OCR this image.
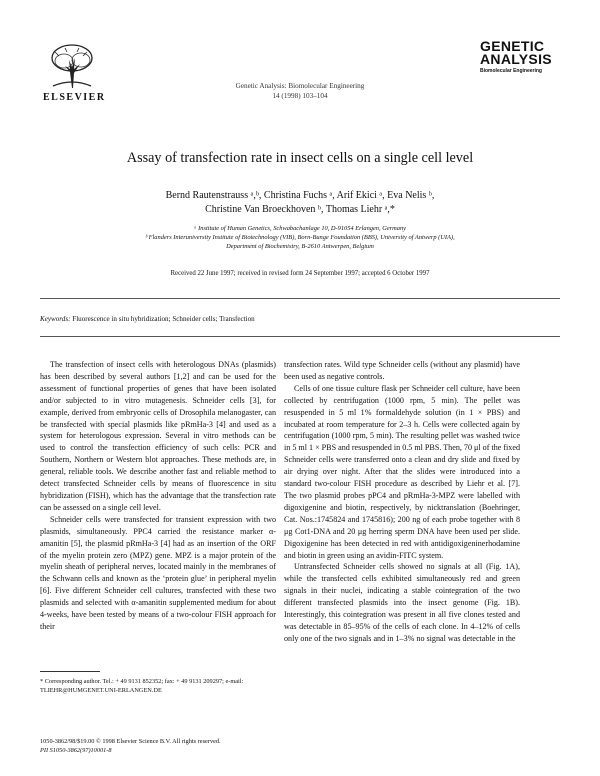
ELSEVIER
Genetic Analysis: Biomolecular Engineering
14 (1998) 103–104
GENETIC
ANALYSIS
Biomolecular Engineering
Assay of transfection rate in insect cells on a single cell level
Bernd Rautenstrauss ᵃ,ᵇ, Christina Fuchs ᵃ, Arif Ekici ᵃ, Eva Nelis ᵇ,
Christine Van Broeckhoven ᵇ, Thomas Liehr ᵃ,*
ᵃ Institute of Human Genetics, Schwabachanlage 10, D-91054 Erlangen, Germany
ᵇ Flanders Interuniversity Institute of Biotechnology (VIB), Born-Bunge Foundation (BBS), University of Antwerp (UIA),
Department of Biochemistry, B-2610 Antwerpen, Belgium
Received 22 June 1997; received in revised form 24 September 1997; accepted 6 October 1997
Keywords: Fluorescence in situ hybridization; Schneider cells; Transfection

The transfection of insect cells with heterologous DNAs (plasmids) has been described by several authors [1,2] and can be used for the assessment of functional properties of genes that have been isolated and/or subjected to in vitro mutagenesis. Schneider cells [3], for example, derived from embryonic cells of Drosophila melanogaster, can be transfected with special plasmids like pRmHa-3 [4] and used as a system for heterologous expression. Several in vitro methods can be used to control the transfection efficiency of such cells: PCR and Southern, Northern or Western blot approaches. These methods are, in general, reliable tools. We describe another fast and reliable method to detect transfected Schneider cells by means of fluorescence in situ hybridization (FISH), which has the advantage that the transfection rate can be assessed on a single cell level.

Schneider cells were transfected for transient expression with two plasmids, simultaneously. PPC4 carried the resistance marker α-amanitin [5], the plasmid pRmHa-3 [4] had as an insertion of the ORF of the myelin protein zero (MPZ) gene. MPZ is a major protein of the myelin sheath of peripheral nerves, located mainly in the membranes of the Schwann cells and known as the ‘protein glue’ in peripheral myelin [6]. Five different Schneider cell cultures, transfected with these two plasmids and selected with α-amanitin supplemented medium for about 4-weeks, have been tested by means of a two-colour FISH approach for their

transfection rates. Wild type Schneider cells (without any plasmid) have been used as negative controls.

Cells of one tissue culture flask per Schneider cell culture, have been collected by centrifugation (1000 rpm, 5 min). The pellet was resuspended in 5 ml 1% formaldehyde solution (in 1 × PBS) and incubated at room temperature for 2–3 h. Cells were collected again by centrifugation (1000 rpm, 5 min). The resulting pellet was washed twice in 5 ml 1 × PBS and resuspended in 0.5 ml PBS. Then, 70 μl of the fixed Schneider cells were transferred onto a clean and dry slide and fixed by air drying over night. After that the slides were introduced into a standard two-colour FISH procedure as described by Liehr et al. [7]. The two plasmid probes pPC4 and pRmHa-3-MPZ were labelled with digoxigenine and biotin, respectively, by nicktranslation (Boehringer, Cat. Nos.:1745824 and 1745816); 200 ng of each probe together with 8 μg Cot1-DNA and 20 μg herring sperm DNA have been used per slide. Digoxigenine has been detected in red with antidigoxigeninerhodamine and biotin in green using an avidin-FITC system.

Untransfected Schneider cells showed no signals at all (Fig. 1A), while the transfected cells exhibited simultaneously red and green signals in their nuclei, indicating a stable cointegration of the two different transfected plasmids into the insect genome (Fig. 1B). Interestingly, this cointegration was present in all five clones tested and was detectable in 85–95% of the cells of each clone. In 4–12% of cells only one of the two signals and in 1–3% no signal was detectable in the

* Corresponding author. Tel.: + 49 9131 852352; fax: + 49 9131 209297; e-mail: TLIEHR@HUMGENET.UNI-ERLANGEN.DE
1050-3862/98/$19.00 © 1998 Elsevier Science B.V. All rights reserved.
PII S1050-3862(97)10001-8
